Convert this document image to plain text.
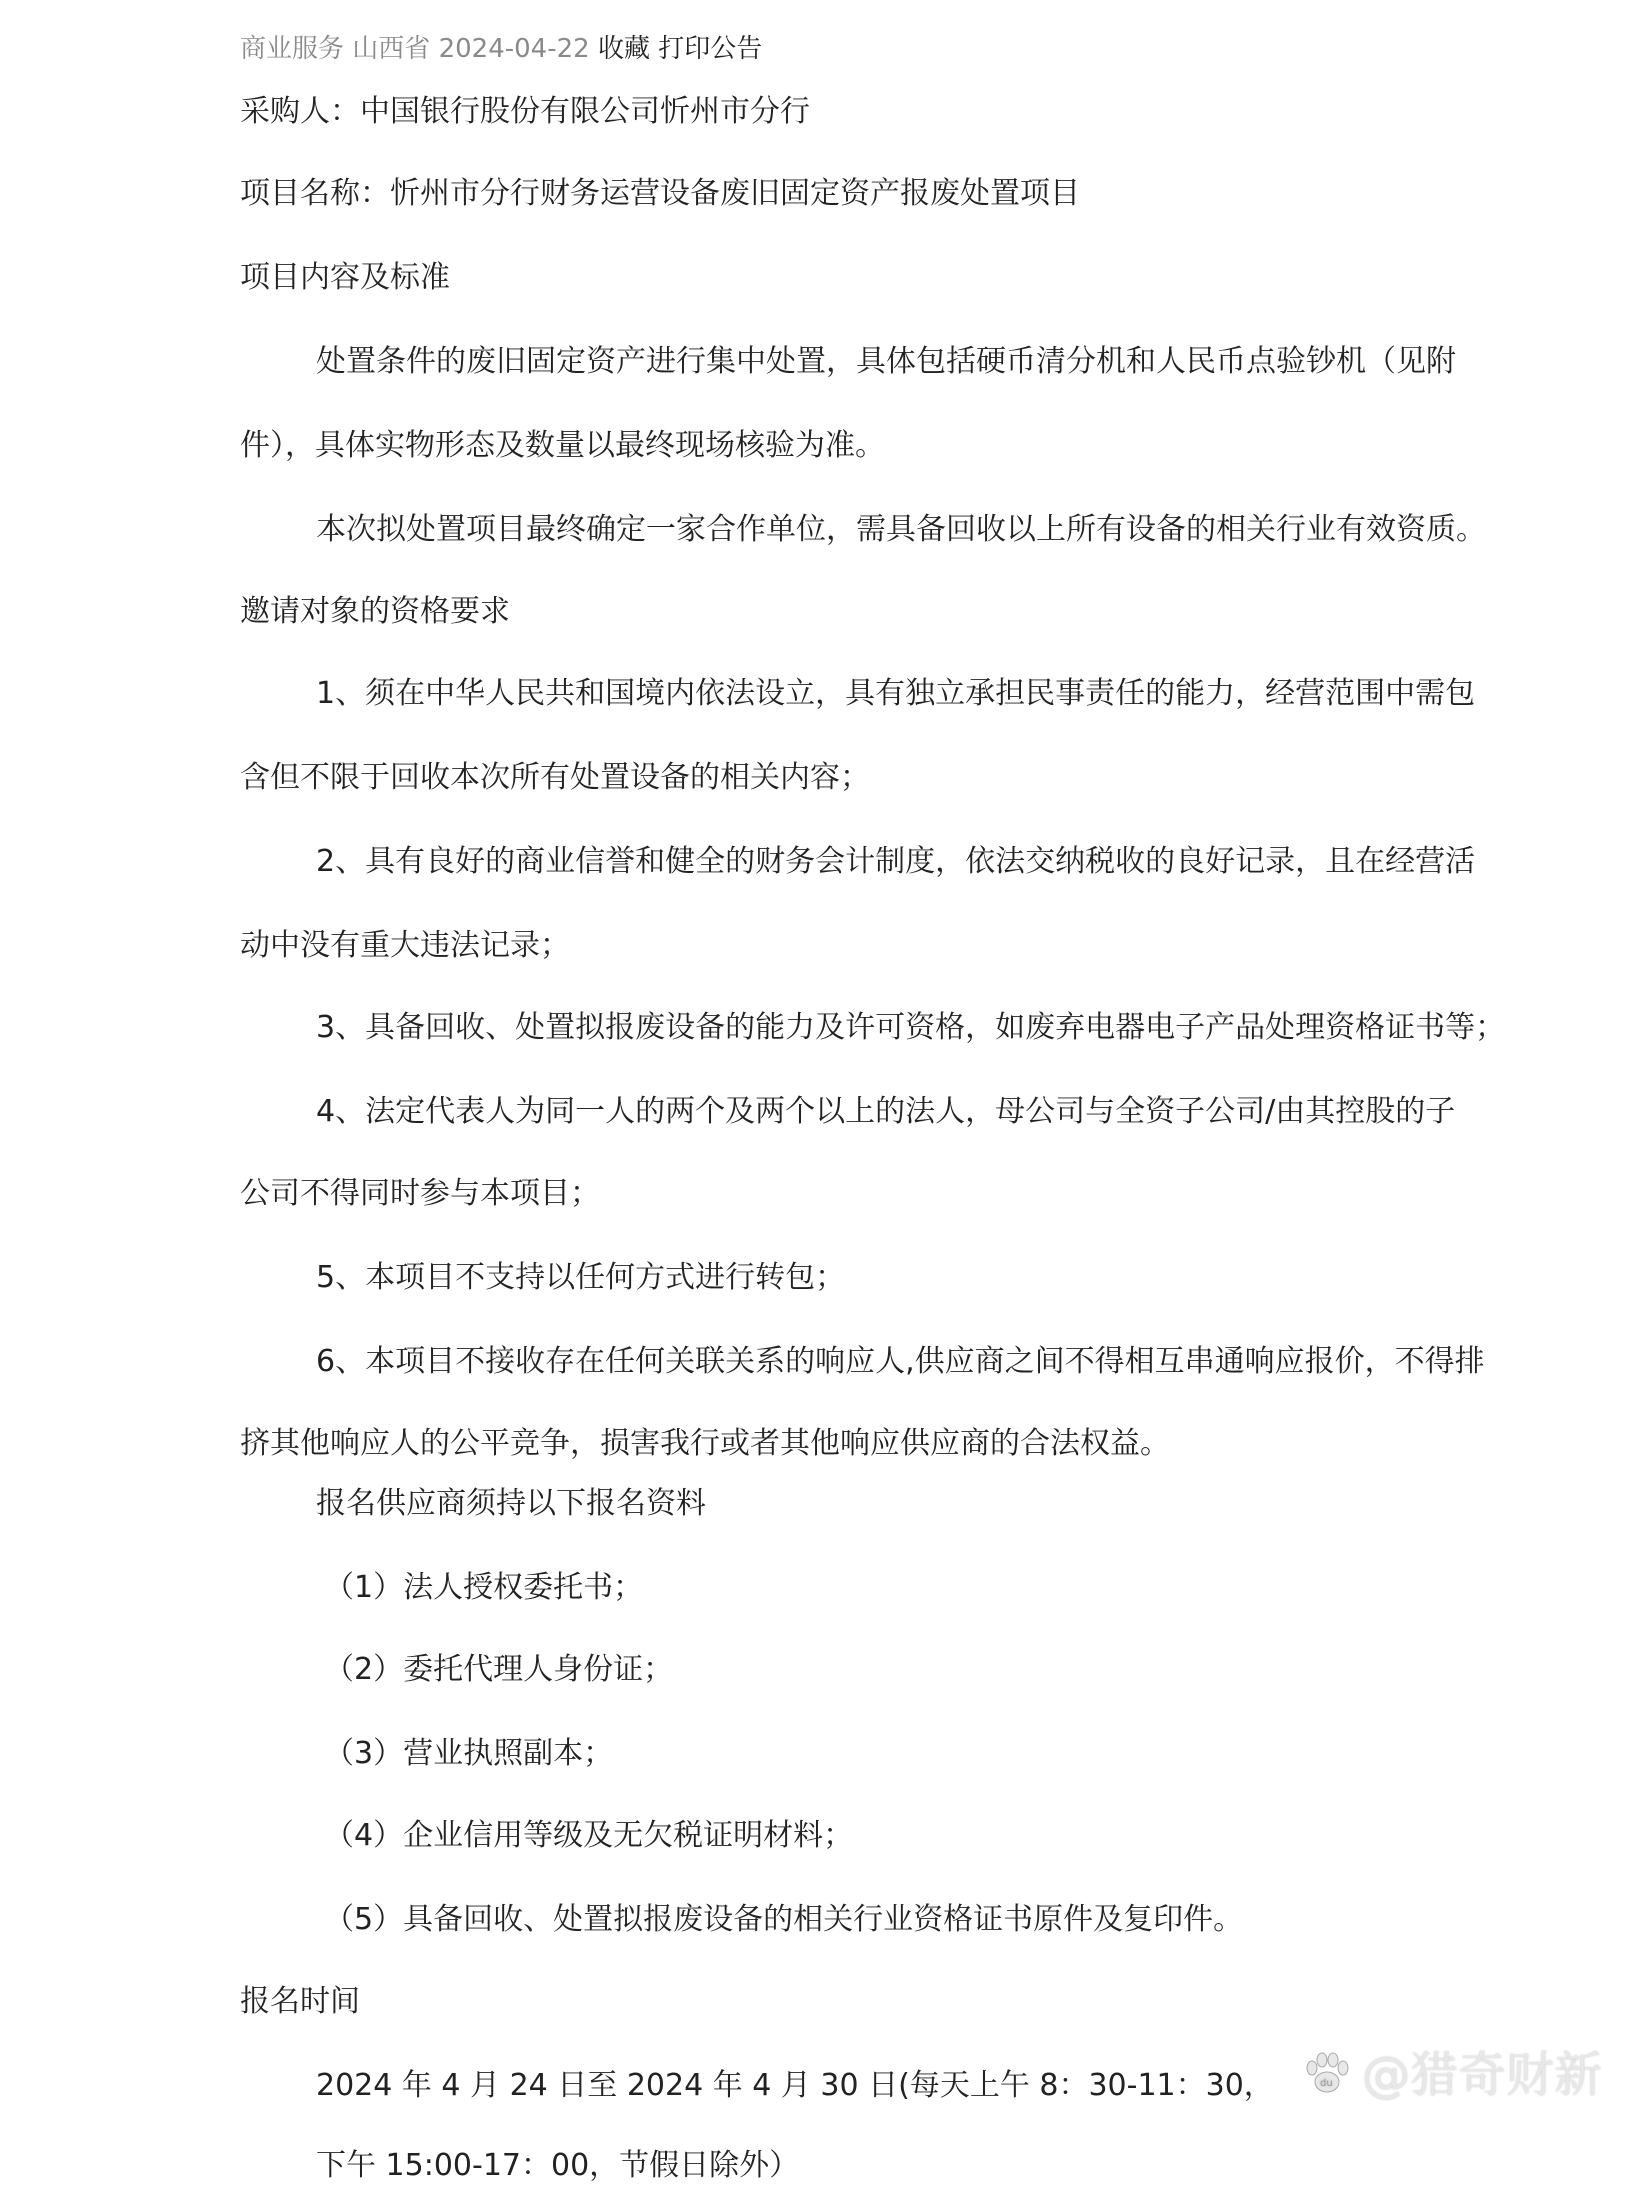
商业服务 山西省 2024-04-22 收藏 打印公告
采购人：中国银行股份有限公司忻州市分行
项目名称：忻州市分行财务运营设备废旧固定资产报废处置项目
项目内容及标准
处置条件的废旧固定资产进行集中处置，具体包括硬币清分机和人民币点验钞机（见附
件），具体实物形态及数量以最终现场核验为准。
本次拟处置项目最终确定一家合作单位，需具备回收以上所有设备的相关行业有效资质。
邀请对象的资格要求
1、须在中华人民共和国境内依法设立，具有独立承担民事责任的能力，经营范围中需包
含但不限于回收本次所有处置设备的相关内容；
2、具有良好的商业信誉和健全的财务会计制度，依法交纳税收的良好记录，且在经营活
动中没有重大违法记录；
3、具备回收、处置拟报废设备的能力及许可资格，如废弃电器电子产品处理资格证书等；
4、法定代表人为同一人的两个及两个以上的法人，母公司与全资子公司/由其控股的子
公司不得同时参与本项目；
5、本项目不支持以任何方式进行转包；
6、本项目不接收存在任何关联关系的响应人,供应商之间不得相互串通响应报价，不得排
挤其他响应人的公平竞争，损害我行或者其他响应供应商的合法权益。
报名供应商须持以下报名资料
（1）法人授权委托书；
（2）委托代理人身份证；
（3）营业执照副本；
（4）企业信用等级及无欠税证明材料；
（5）具备回收、处置拟报废设备的相关行业资格证书原件及复印件。
报名时间
2024 年 4 月 24 日至 2024 年 4 月 30 日(每天上午 8：30-11：30，
下午 15:00-17：00，节假日除外）
du @猎奇财新
